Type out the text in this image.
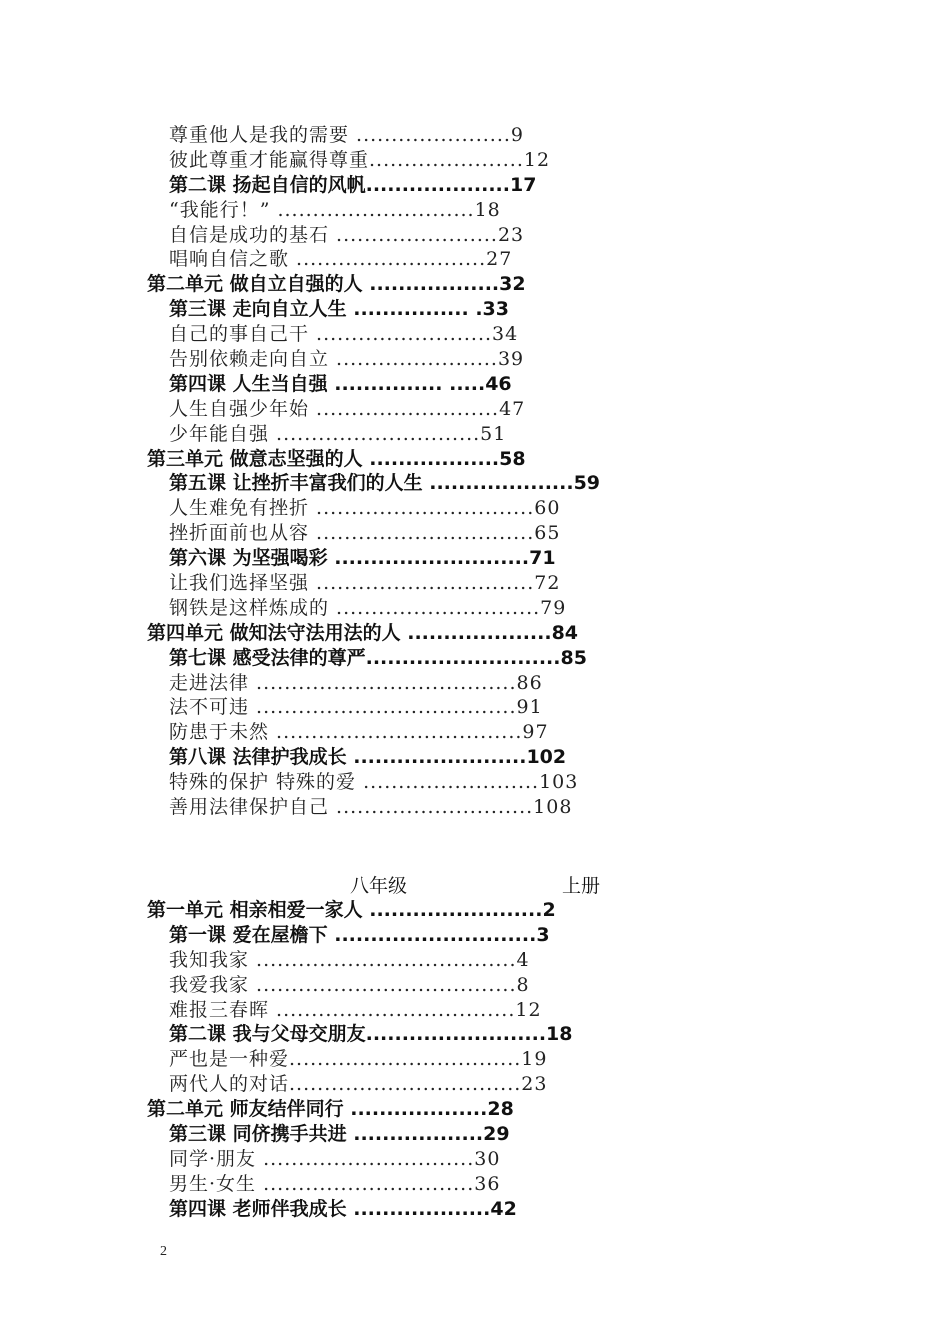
尊重他人是我的需要 ......................9
彼此尊重才能赢得尊重......................12
第二课 扬起自信的风帆....................17
“我能行！” ............................18
自信是成功的基石 .......................23
唱响自信之歌 ...........................27
第二单元 做自立自强的人 ..................32
第三课 走向自立人生 ................ .33
自己的事自己干 .........................34
告别依赖走向自立 .......................39
第四课 人生当自强 ............... .....46
人生自强少年始 ..........................47
少年能自强 .............................51
第三单元 做意志坚强的人 ..................58
第五课 让挫折丰富我们的人生 ....................59
人生难免有挫折 ...............................60
挫折面前也从容 ...............................65
第六课 为坚强喝彩 ...........................71
让我们选择坚强 ...............................72
钢铁是这样炼成的 .............................79
第四单元 做知法守法用法的人 ....................84
第七课 感受法律的尊严...........................85
走进法律 .....................................86
法不可违 .....................................91
防患于未然 ...................................97
第八课 法律护我成长 ........................102
特殊的保护 特殊的爱 .........................103
善用法律保护自己 ............................108
八年级	上册
第一单元 相亲相爱一家人 ........................2
第一课 爱在屋檐下 ............................3
我知我家 .....................................4
我爱我家 .....................................8
难报三春晖 ..................................12
第二课 我与父母交朋友.........................18
严也是一种爱.................................19
两代人的对话.................................23
第二单元 师友结伴同行 ...................28
第三课 同侪携手共进 ..................29
同学·朋友 ..............................30
男生·女生 ..............................36
第四课 老师伴我成长 ...................42
2
